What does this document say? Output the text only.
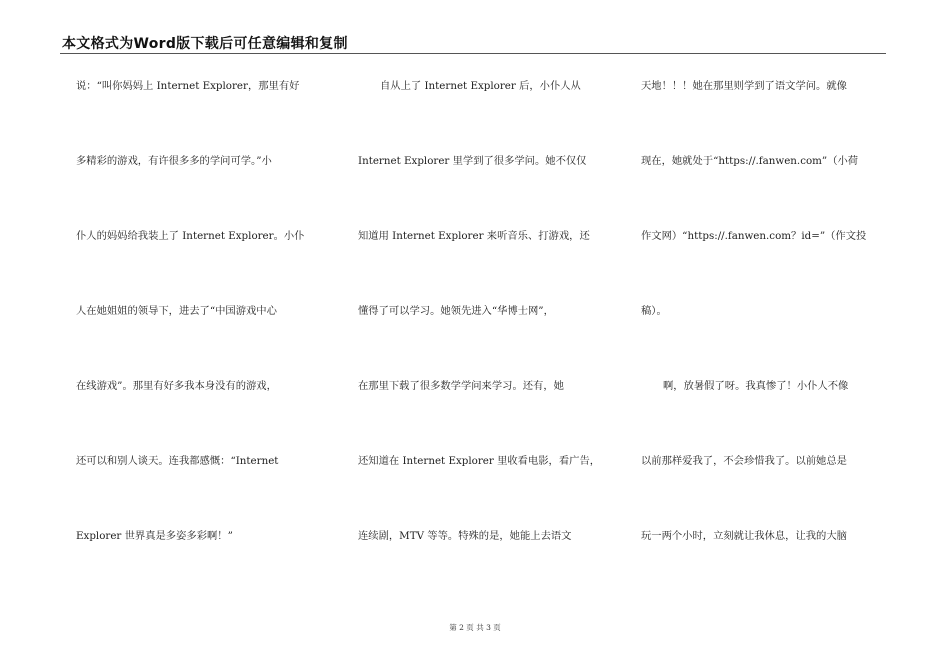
本文格式为Word版下载后可任意编辑和复制
说：“叫你妈妈上 Internet Explorer，那里有好
多精彩的游戏，有许很多多的学问可学。”小
仆人的妈妈给我装上了 Internet Explorer。小仆
人在她姐姐的领导下，进去了“中国游戏中心
在线游戏”。那里有好多我本身没有的游戏，
还可以和别人谈天。连我都感慨：“Internet
Explorer 世界真是多姿多彩啊！”
自从上了 Internet Explorer 后，小仆人从
Internet Explorer 里学到了很多学问。她不仅仅
知道用 Internet Explorer 来听音乐、打游戏，还
懂得了可以学习。她领先进入“华博士网”，
在那里下载了很多数学学问来学习。还有，她
还知道在 Internet Explorer 里收看电影，看广告，
连续剧，MTV 等等。特殊的是，她能上去语文
天地！！！她在那里则学到了语文学问。就像
现在，她就处于“https://.fanwen.com”（小荷
作文网）“https://.fanwen.com？id=”（作文投
稿）。
啊，放暑假了呀。我真惨了！小仆人不像
以前那样爱我了，不会珍惜我了。以前她总是
玩一两个小时，立刻就让我休息，让我的大脑
第 2 页 共 3 页
